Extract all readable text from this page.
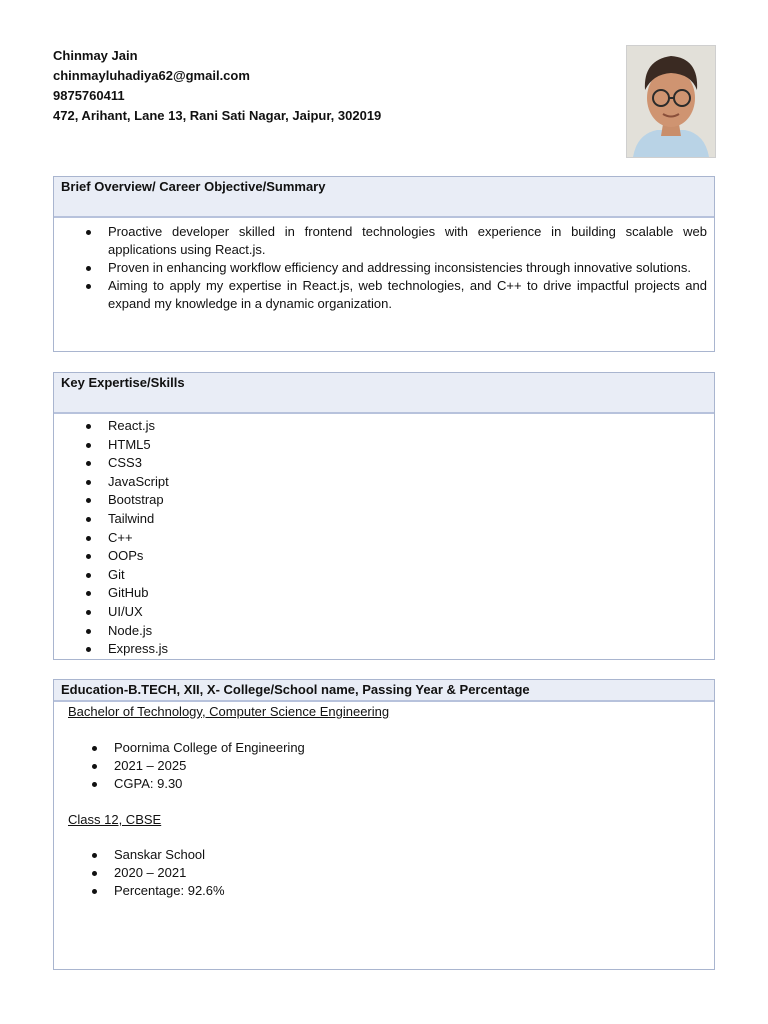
Chinmay Jain
chinmayluhadiya62@gmail.com
9875760411
472, Arihant, Lane 13, Rani Sati Nagar, Jaipur, 302019
Brief Overview/ Career Objective/Summary
Proactive developer skilled in frontend technologies with experience in building scalable web applications using React.js.
Proven in enhancing workflow efficiency and addressing inconsistencies through innovative solutions.
Aiming to apply my expertise in React.js, web technologies, and C++ to drive impactful projects and expand my knowledge in a dynamic organization.
Key Expertise/Skills
React.js
HTML5
CSS3
JavaScript
Bootstrap
Tailwind
C++
OOPs
Git
GitHub
UI/UX
Node.js
Express.js
Education-B.TECH, XII, X- College/School name, Passing Year & Percentage
Bachelor of Technology, Computer Science Engineering
Poornima College of Engineering
2021 – 2025
CGPA: 9.30
Class 12, CBSE
Sanskar School
2020 – 2021
Percentage: 92.6%
